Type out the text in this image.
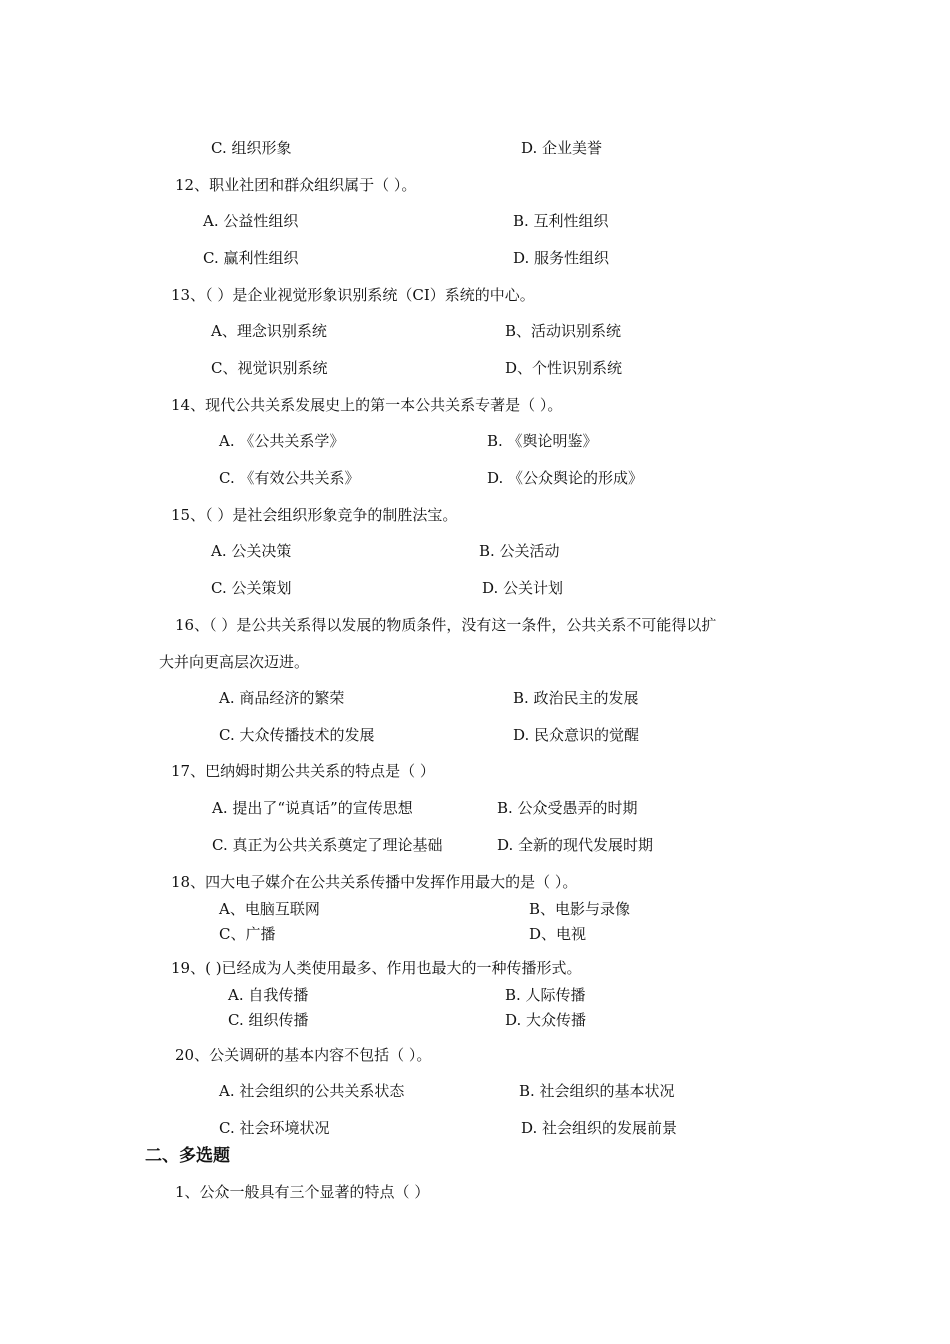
C. 组织形象	D. 企业美誉
12、职业社团和群众组织属于（ ）。
A. 公益性组织	B. 互利性组织
C. 赢利性组织	D. 服务性组织
13、（ ）是企业视觉形象识别系统（CI）系统的中心。
A、理念识别系统	B、活动识别系统
C、视觉识别系统	D、个性识别系统
14、现代公共关系发展史上的第一本公共关系专著是（ ）。
A. 《公共关系学》	B. 《舆论明鉴》
C. 《有效公共关系》	D. 《公众舆论的形成》
15、（ ）是社会组织形象竞争的制胜法宝。
A. 公关决策	B. 公关活动
C. 公关策划	D. 公关计划
16、（ ）是公共关系得以发展的物质条件，没有这一条件，公共关系不可能得以扩
大并向更高层次迈进。
A. 商品经济的繁荣	B. 政治民主的发展
C. 大众传播技术的发展	D. 民众意识的觉醒
17、巴纳姆时期公共关系的特点是（ ）
A. 提出了“说真话”的宣传思想	B. 公众受愚弄的时期
C. 真正为公共关系奠定了理论基础	D. 全新的现代发展时期
18、四大电子媒介在公共关系传播中发挥作用最大的是（ ）。
A、电脑互联网	B、电影与录像
C、广播	D、电视
19、( )已经成为人类使用最多、作用也最大的一种传播形式。
A. 自我传播	B. 人际传播
C. 组织传播	D. 大众传播
20、公关调研的基本内容不包括（ ）。
A. 社会组织的公共关系状态	B. 社会组织的基本状况
C. 社会环境状况	D. 社会组织的发展前景
二、多选题
1、公众一般具有三个显著的特点（ ）
